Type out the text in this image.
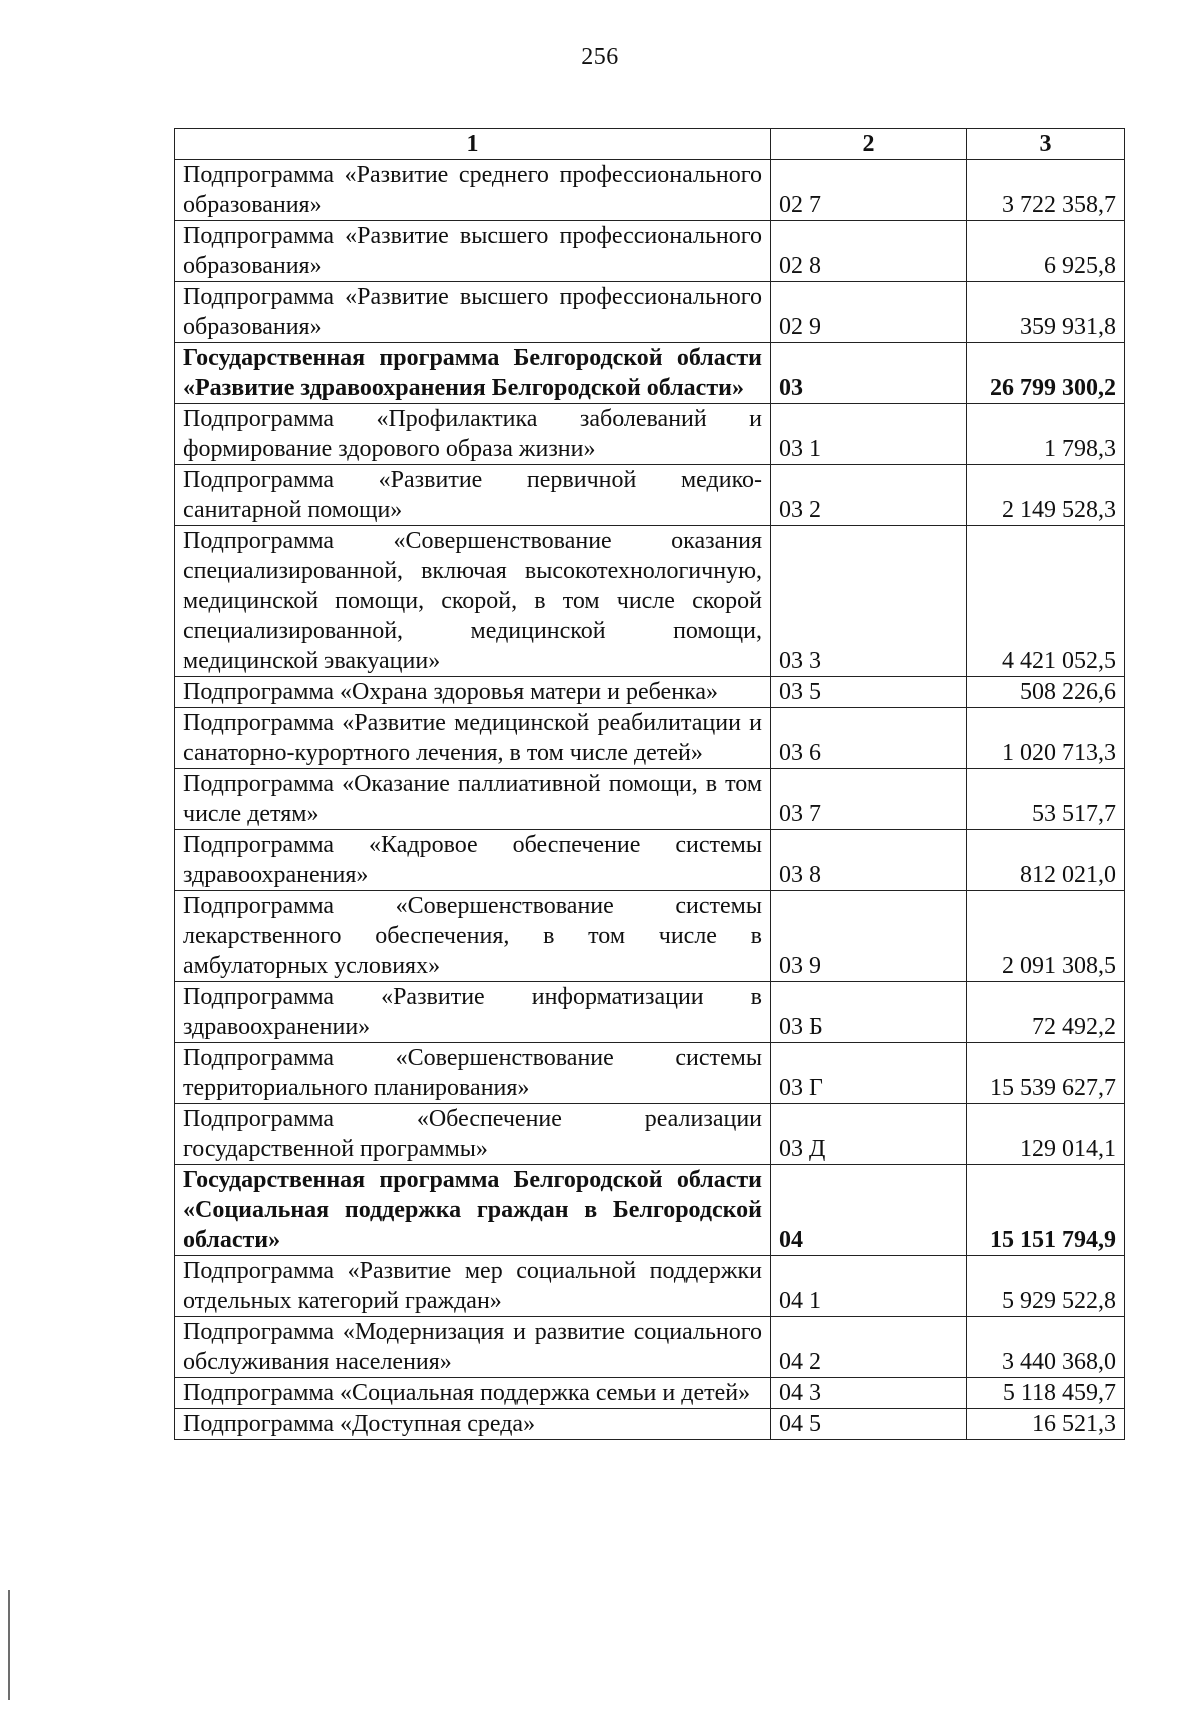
256
1	2	3
Подпрограмма «Развитие среднего профессионального образования»	02 7	3 722 358,7
Подпрограмма «Развитие высшего профессионального образования»	02 8	6 925,8
Подпрограмма «Развитие высшего профессионального образования»	02 9	359 931,8
Государственная программа Белгородской области «Развитие здравоохранения Белгородской области»	03	26 799 300,2
Подпрограмма «Профилактика заболеваний и формирование здорового образа жизни»	03 1	1 798,3
Подпрограмма «Развитие первичной медико-санитарной помощи»	03 2	2 149 528,3
Подпрограмма «Совершенствование оказания специализированной, включая высокотехнологичную, медицинской помощи, скорой, в том числе скорой специализированной, медицинской помощи, медицинской эвакуации»	03 3	4 421 052,5
Подпрограмма «Охрана здоровья матери и ребенка»	03 5	508 226,6
Подпрограмма «Развитие медицинской реабилитации и санаторно-курортного лечения, в том числе детей»	03 6	1 020 713,3
Подпрограмма «Оказание паллиативной помощи, в том числе детям»	03 7	53 517,7
Подпрограмма «Кадровое обеспечение системы здравоохранения»	03 8	812 021,0
Подпрограмма «Совершенствование системы лекарственного обеспечения, в том числе в амбулаторных условиях»	03 9	2 091 308,5
Подпрограмма «Развитие информатизации в здравоохранении»	03 Б	72 492,2
Подпрограмма «Совершенствование системы территориального планирования»	03 Г	15 539 627,7
Подпрограмма «Обеспечение реализации государственной программы»	03 Д	129 014,1
Государственная программа Белгородской области «Социальная поддержка граждан в Белгородской области»	04	15 151 794,9
Подпрограмма «Развитие мер социальной поддержки отдельных категорий граждан»	04 1	5 929 522,8
Подпрограмма «Модернизация и развитие социального обслуживания населения»	04 2	3 440 368,0
Подпрограмма «Социальная поддержка семьи и детей»	04 3	5 118 459,7
Подпрограмма «Доступная среда»	04 5	16 521,3
